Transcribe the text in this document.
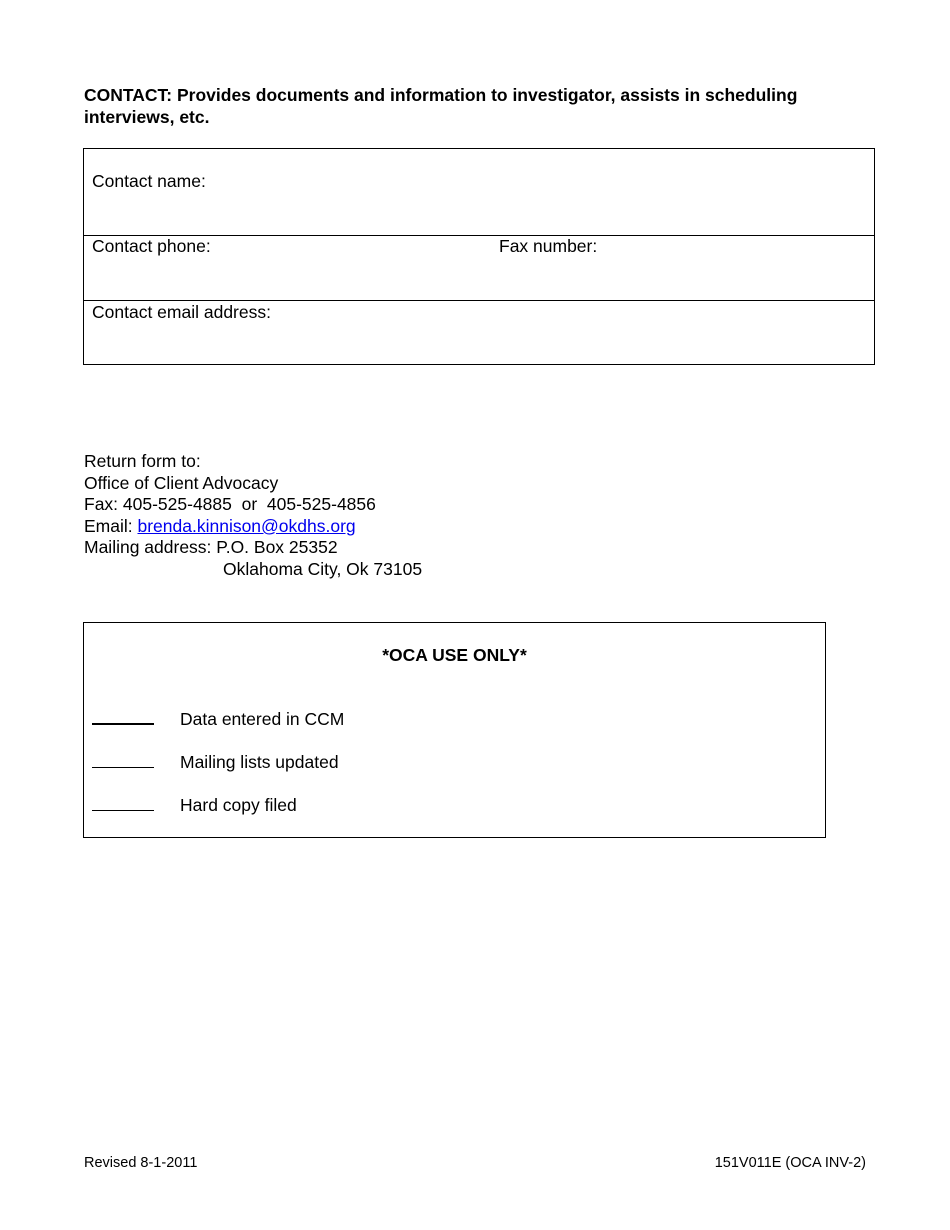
CONTACT: Provides documents and information to investigator, assists in scheduling interviews, etc.
Contact name:
Contact phone:	Fax number:
Contact email address:
Return form to:
Office of Client Advocacy
Fax: 405-525-4885  or  405-525-4856
Email: brenda.kinnison@okdhs.org
Mailing address: P.O. Box 25352
Oklahoma City, Ok 73105
*OCA USE ONLY*
Data entered in CCM
Mailing lists updated
Hard copy filed
Revised 8-1-2011	151V011E (OCA INV-2)
